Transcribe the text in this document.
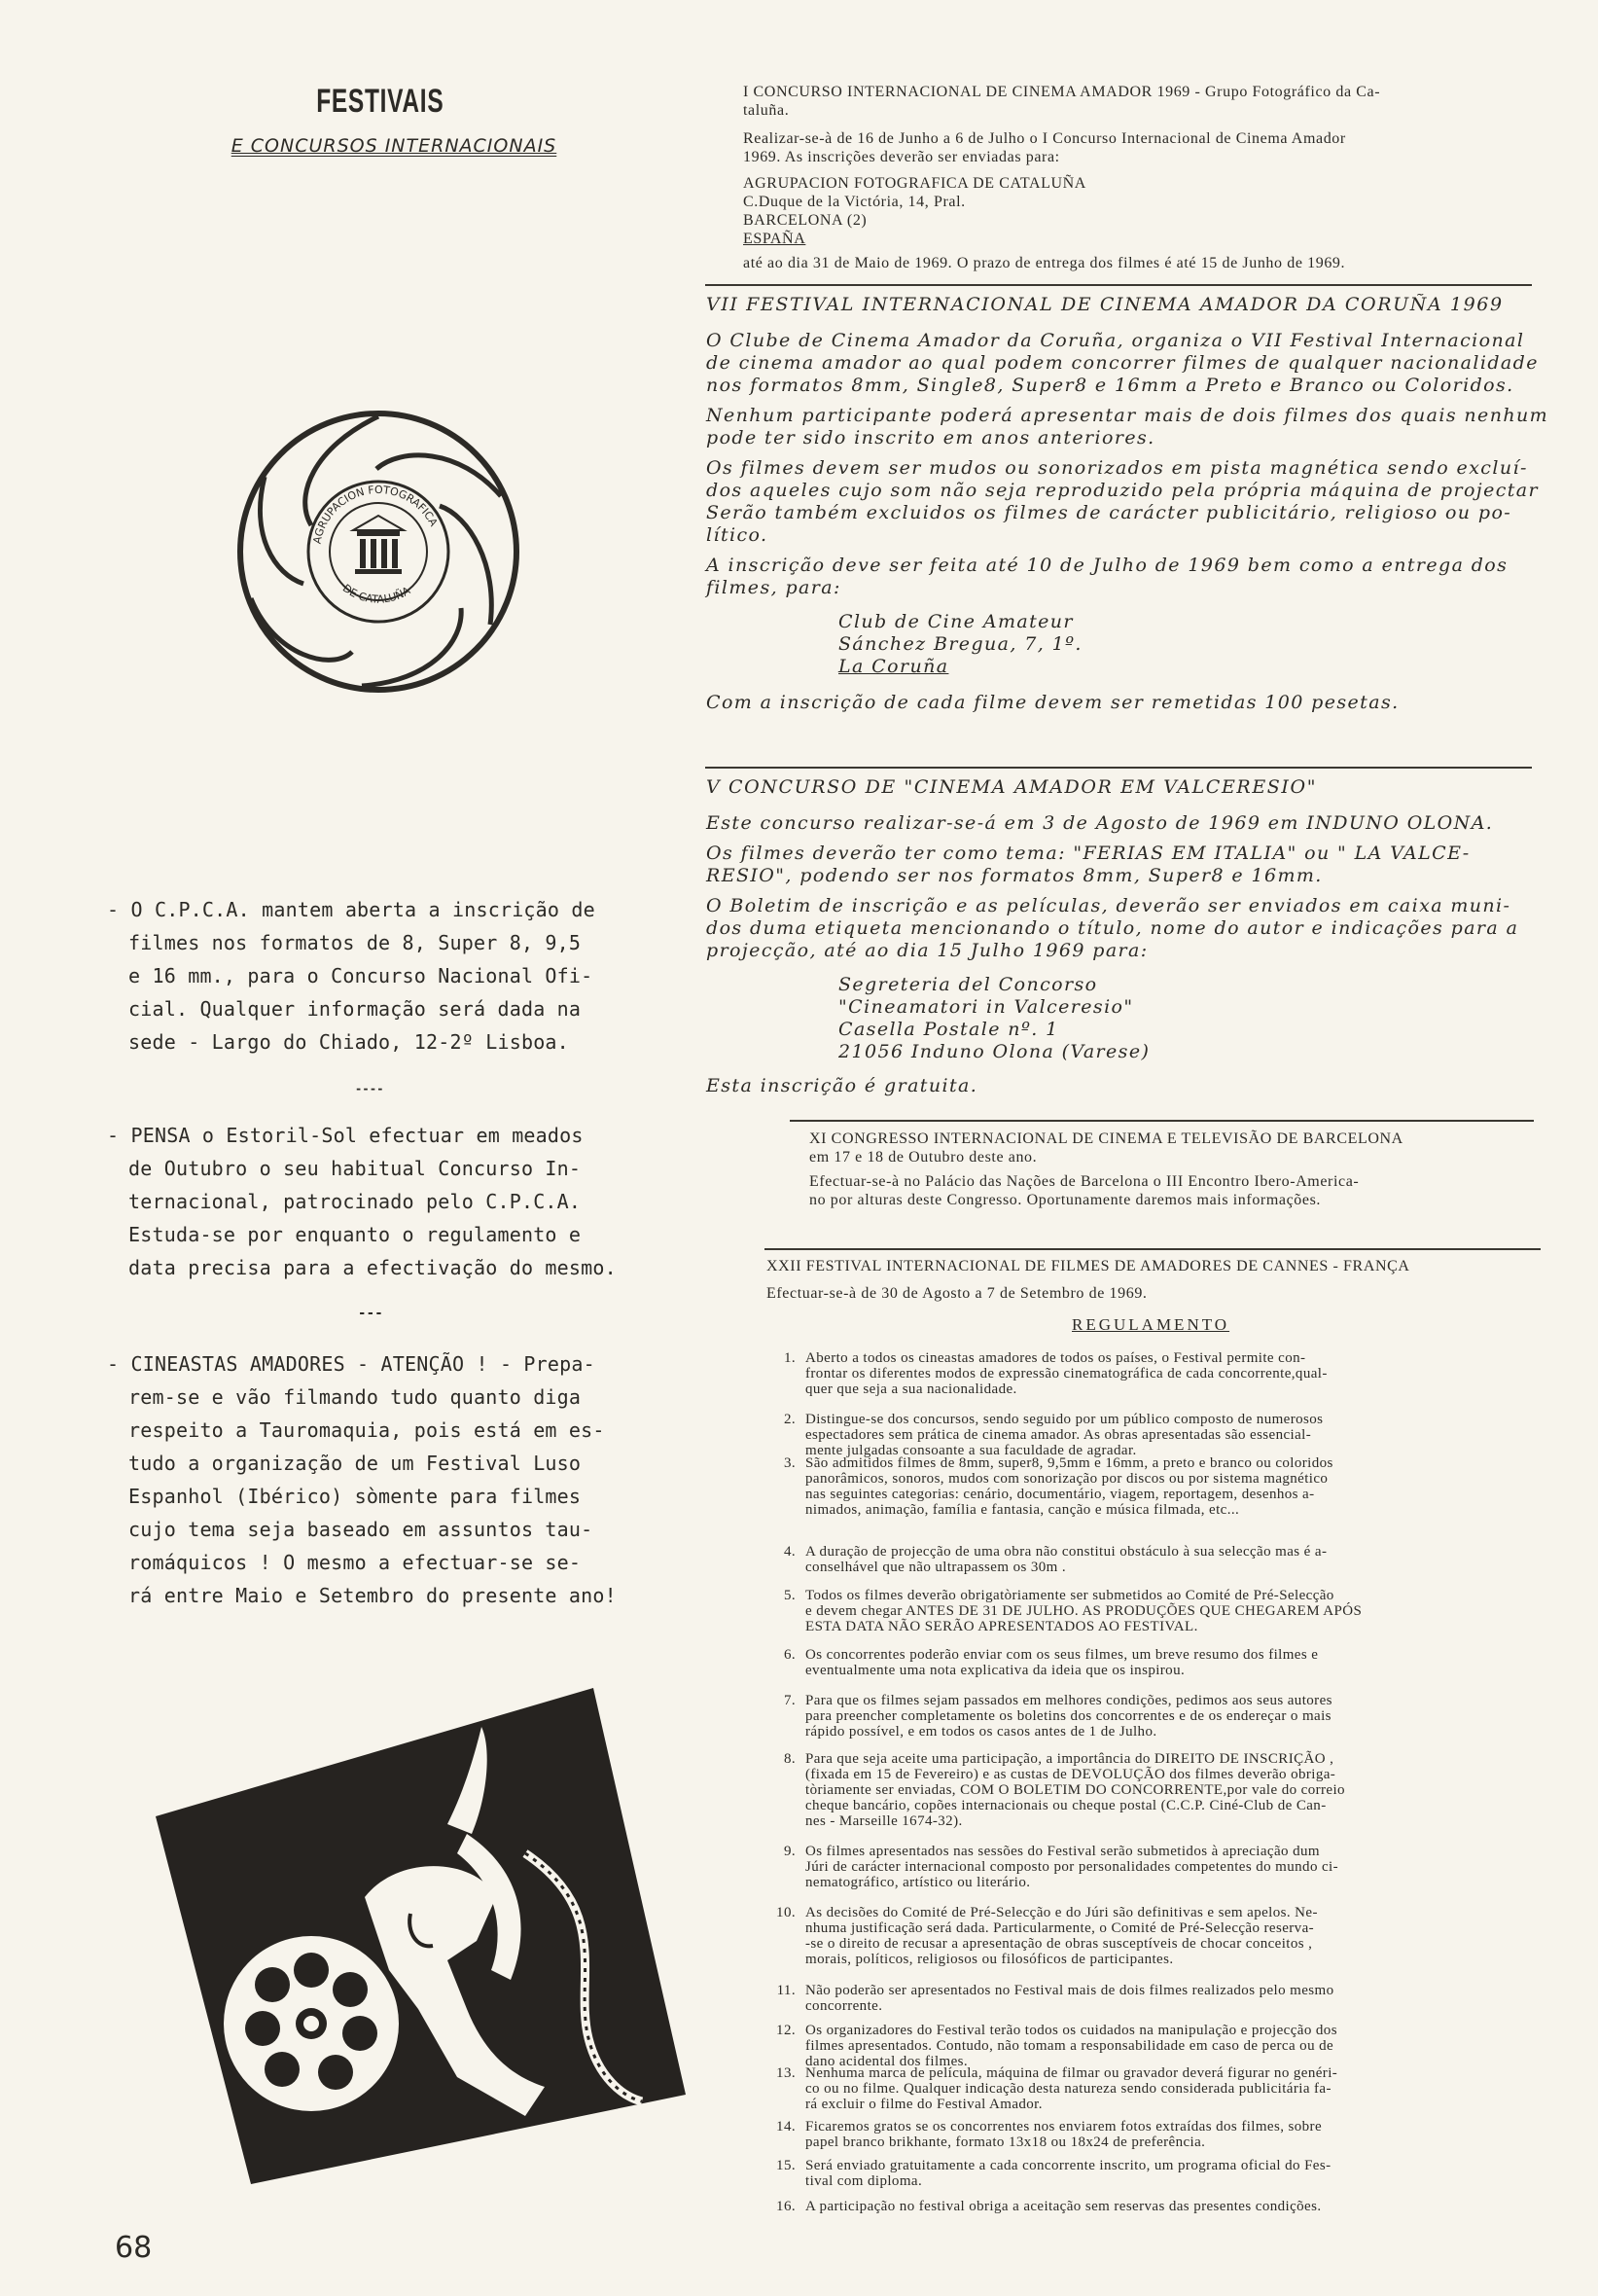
FESTIVAIS
E CONCURSOS INTERNACIONAIS
AGRUPACION FOTOGRAFICA
DE CATALUÑA
- O C.P.C.A. mantem aberta a inscrição de
filmes nos formatos de 8, Super 8, 9,5
e 16 mm., para o Concurso Nacional Ofi-
cial. Qualquer informação será dada na
sede - Largo do Chiado, 12-2º Lisboa.
----
- PENSA o Estoril-Sol efectuar em meados
de Outubro o seu habitual Concurso In-
ternacional, patrocinado pelo C.P.C.A.
Estuda-se por enquanto o regulamento e
data precisa para a efectivação do mesmo.
---
- CINEASTAS AMADORES - ATENÇÃO ! - Prepa-
rem-se e vão filmando tudo quanto diga
respeito a Tauromaquia, pois está em es-
tudo a organização de um Festival Luso
Espanhol (Ibérico) sòmente para filmes
cujo tema seja baseado em assuntos tau-
romáquicos ! O mesmo a efectuar-se se-
rá entre Maio e Setembro do presente ano!
68
I CONCURSO INTERNACIONAL DE CINEMA AMADOR 1969 - Grupo Fotográfico da Ca-
taluña.
Realizar-se-à de 16 de Junho a 6 de Julho o I Concurso Internacional de Cinema Amador
1969. As inscrições deverão ser enviadas para:
AGRUPACION FOTOGRAFICA DE CATALUÑA
C.Duque de la Victória, 14, Pral.
BARCELONA (2)
ESPAÑA
até ao dia 31 de Maio de 1969. O prazo de entrega dos filmes é até 15 de Junho de 1969.
VII FESTIVAL INTERNACIONAL DE CINEMA AMADOR DA CORUÑA 1969
O Clube de Cinema Amador da Coruña, organiza o VII Festival Internacional
de cinema amador ao qual podem concorrer filmes de qualquer nacionalidade
nos formatos 8mm, Single8, Super8 e 16mm a Preto e Branco ou Coloridos.
Nenhum participante poderá apresentar mais de dois filmes dos quais nenhum
pode ter sido inscrito em anos anteriores.
Os filmes devem ser mudos ou sonorizados em pista magnética sendo excluí-
dos aqueles cujo som não seja reproduzido pela própria máquina de projectar
Serão também excluidos os filmes de carácter publicitário, religioso ou po-
lítico.
A inscrição deve ser feita até 10 de Julho de 1969 bem como a entrega dos
filmes, para:
Club de Cine Amateur
Sánchez Bregua, 7, 1º.
La Coruña
Com a inscrição de cada filme devem ser remetidas 100 pesetas.
V CONCURSO DE "CINEMA AMADOR EM VALCERESIO"
Este concurso realizar-se-á em 3 de Agosto de 1969 em INDUNO OLONA.
Os filmes deverão ter como tema: "FERIAS EM ITALIA" ou " LA VALCE-
RESIO", podendo ser nos formatos 8mm, Super8 e 16mm.
O Boletim de inscrição e as películas, deverão ser enviados em caixa muni-
dos duma etiqueta mencionando o título, nome do autor e indicações para a
projecção, até ao dia 15 Julho 1969 para:
Segreteria del Concorso
"Cineamatori in Valceresio"
Casella Postale nº. 1
21056 Induno Olona (Varese)
Esta inscrição é gratuita.
XI CONGRESSO INTERNACIONAL DE CINEMA E TELEVISÃO DE BARCELONA
em 17 e 18 de Outubro deste ano.
Efectuar-se-à no Palácio das Nações de Barcelona o III Encontro Ibero-America-
no por alturas deste Congresso. Oportunamente daremos mais informações.
XXII FESTIVAL INTERNACIONAL DE FILMES DE AMADORES DE CANNES - FRANÇA
Efectuar-se-à de 30 de Agosto a 7 de Setembro de 1969.
REGULAMENTO
1. Aberto a todos os cineastas amadores de todos os países, o Festival permite con-
frontar os diferentes modos de expressão cinematográfica de cada concorrente,qual-
quer que seja a sua nacionalidade.
2. Distingue-se dos concursos, sendo seguido por um público composto de numerosos
espectadores sem prática de cinema amador. As obras apresentadas são essencial-
mente julgadas consoante a sua faculdade de agradar.
3. São admitidos filmes de 8mm, super8, 9,5mm e 16mm, a preto e branco ou coloridos
panorâmicos, sonoros, mudos com sonorização por discos ou por sistema magnético
nas seguintes categorias: cenário, documentário, viagem, reportagem, desenhos a-
nimados, animação, família e fantasia, canção e música filmada, etc...
4. A duração de projecção de uma obra não constitui obstáculo à sua selecção mas é a-
conselhável que não ultrapassem os 30m .
5. Todos os filmes deverão obrigatòriamente ser submetidos ao Comité de Pré-Selecção
e devem chegar ANTES DE 31 DE JULHO. AS PRODUÇÕES QUE CHEGAREM APÓS
ESTA DATA NÃO SERÃO APRESENTADOS AO FESTIVAL.
6. Os concorrentes poderão enviar com os seus filmes, um breve resumo dos filmes e
eventualmente uma nota explicativa da ideia que os inspirou.
7. Para que os filmes sejam passados em melhores condições, pedimos aos seus autores
para preencher completamente os boletins dos concorrentes e de os endereçar o mais
rápido possível, e em todos os casos antes de 1 de Julho.
8. Para que seja aceite uma participação, a importância do DIREITO DE INSCRIÇÃO ,
(fixada em 15 de Fevereiro) e as custas de DEVOLUÇÃO dos filmes deverão obriga-
tòriamente ser enviadas, COM O BOLETIM DO CONCORRENTE,por vale do correio
cheque bancário, copões internacionais ou cheque postal (C.C.P. Ciné-Club de Can-
nes - Marseille 1674-32).
9. Os filmes apresentados nas sessões do Festival serão submetidos à apreciação dum
Júri de carácter internacional composto por personalidades competentes do mundo ci-
nematográfico, artístico ou literário.
10. As decisões do Comité de Pré-Selecção e do Júri são definitivas e sem apelos. Ne-
nhuma justificação será dada. Particularmente, o Comité de Pré-Selecção reserva-
-se o direito de recusar a apresentação de obras susceptíveis de chocar conceitos ,
morais, políticos, religiosos ou filosóficos de participantes.
11. Não poderão ser apresentados no Festival mais de dois filmes realizados pelo mesmo
concorrente.
12. Os organizadores do Festival terão todos os cuidados na manipulação e projecção dos
filmes apresentados. Contudo, não tomam a responsabilidade em caso de perca ou de
dano acidental dos filmes.
13. Nenhuma marca de película, máquina de filmar ou gravador deverá figurar no genéri-
co ou no filme. Qualquer indicação desta natureza sendo considerada publicitária fa-
rá excluir o filme do Festival Amador.
14. Ficaremos gratos se os concorrentes nos enviarem fotos extraídas dos filmes, sobre
papel branco brikhante, formato 13x18 ou 18x24 de preferência.
15. Será enviado gratuitamente a cada concorrente inscrito, um programa oficial do Fes-
tival com diploma.
16. A participação no festival obriga a aceitação sem reservas das presentes condições.
